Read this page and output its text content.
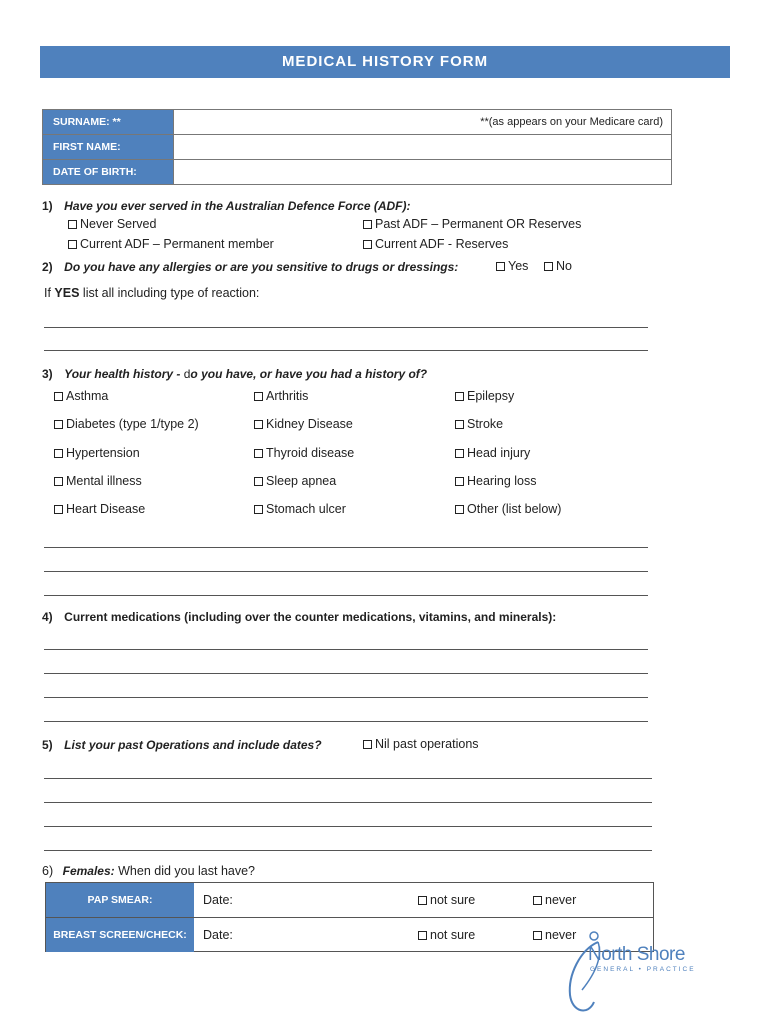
MEDICAL HISTORY FORM
SURNAME: **	**(as appears on your Medicare card)
FIRST NAME:
DATE OF BIRTH:
1) Have you ever served in the Australian Defence Force (ADF):
Never Served	Past ADF – Permanent OR Reserves
Current ADF – Permanent member	Current ADF - Reserves
2) Do you have any allergies or are you sensitive to drugs or dressings:	Yes	No
If YES list all including type of reaction:
3) Your health history - do you have, or have you had a history of?
Asthma	Arthritis	Epilepsy
Diabetes (type 1/type 2)	Kidney Disease	Stroke
Hypertension	Thyroid disease	Head injury
Mental illness	Sleep apnea	Hearing loss
Heart Disease	Stomach ulcer	Other (list below)
4) Current medications (including over the counter medications, vitamins, and minerals):
5) List your past Operations and include dates?	Nil past operations
6) Females: When did you last have?
PAP SMEAR:	Date:	not sure	never
BREAST SCREEN/CHECK:	Date:	not sure	never
North Shore
GENERAL • PRACTICE
